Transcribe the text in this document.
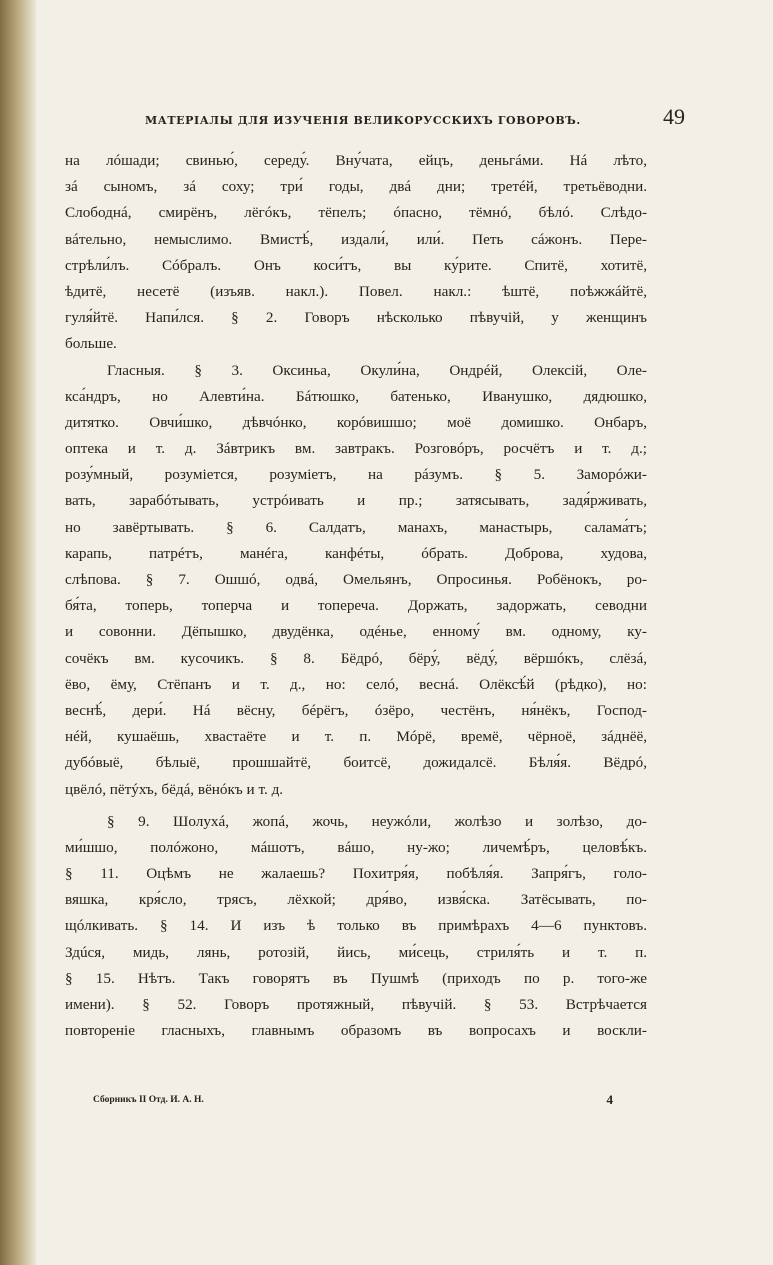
МАТЕРІАЛЫ ДЛЯ ИЗУЧЕНІЯ ВЕЛИКОРУССКИХЪ ГОВОРОВЪ.	49
на лóшади; свинью́, середу́. Вну́чата, ейцъ, деньгáми. Нá лѣто,
зá сыномъ, зá соху; три́ годы, двá дни; третéй, третьёводни.
Слободнá, смирёнъ, лёгóкъ, тёпелъ; óпасно, тёмнó, бѣлó. Слѣдо-
вáтельно, немыслимо. Вмистѣ́, издали́, или́. Петь сáжонъ. Пере-
стрѣли́лъ. Сóбралъ. Онъ коси́тъ, вы ку́рите. Спитё, хотитё,
ѣдитё, несетё (изъяв. накл.). Повел. накл.: ѣштё, поѣжжáйтё,
гуля́йтё. Напи́лся. § 2. Говоръ нѣсколько пѣвучій, у женщинъ
больше.
Гласныя. § 3. Оксиньa, Окули́на, Ондрéй, Олексій, Оле-
кса́ндръ, но Алевти́на. Бáтюшко, батенько, Иванушко, дядюшко,
дитятко. Овчи́шко, дѣвчóнко, корóвишшо; моё домишко. Онбаръ,
оптека и т. д. Зáвтрикъ вм. завтракъ. Розговóръ, росчётъ и т. д.;
розу́мный, розуміется, розуміетъ, на рáзумъ. § 5. Заморóжи-
вать, зарабóтывать, устрóивать и пр.; затясывать, задя́рживать,
но завёртывать. § 6. Салдатъ, манахъ, манастырь, салама́тъ;
карапь, патрéтъ, манéга, канфéты, óбрать. Доброва, худова,
слѣпова. § 7. Ошшó, одвá, Омельянъ, Опросинья. Робёнокъ, ро-
бя́та, топерь, топерча и топереча. Доржать, задоржать, севодни
и совонни. Дёпышко, двудёнка, одéнье, енному́ вм. одному, ку-
сочёкъ вм. кусочикъ. § 8. Бёдрó, бёру́, вёду́, вёршóкъ, слёзá,
ёво, ёму, Стёпанъ и т. д., но: селó, веснá. Олёксѣ́й (рѣдко), но:
веснѣ́, дери́. Нá вёсну, бéрёгъ, óзёро, честёнъ, ня́нёкъ, Господ-
нéй, кушаёшь, хвастаёте и т. п. Мóрё, времё, чёрноё, зáднёё,
дубóвыё, бѣлыё, прошшайтё, боитсё, дожидалсё. Бѣля́я. Вёдрó,
цвёлó, пётýхъ, бёдá, вёнóкъ и т. д.
§ 9. Шолухá, жопá, жочь, неужóли, жолѣзо и золѣзо, до-
ми́шшо, полóжоно, мáшотъ, вáшо, ну-жо; личемѣ́ръ, целовѣ́къ.
§ 11. Оцѣмъ не жалаешь? Похитря́я, побѣля́я. Запря́гъ, голо-
вяшка, кря́сло, трясъ, лёхкой; дря́во, извя́ска. Затёсывать, по-
щóлкивать. § 14. И изъ ѣ только въ примѣрахъ 4—6 пунктовъ.
Здúся, мидь, лянь, ротозій, йись, ми́сець, стриля́ть и т. п.
§ 15. Нѣтъ. Такъ говорятъ въ Пушмѣ (приходъ по р. того-же
имени). § 52. Говоръ протяжный, пѣвучій. § 53. Встрѣчается
повтореніе гласныхъ, главнымъ образомъ въ вопросахъ и воскли-
Сборникъ II Отд. И. А. Н.	4
